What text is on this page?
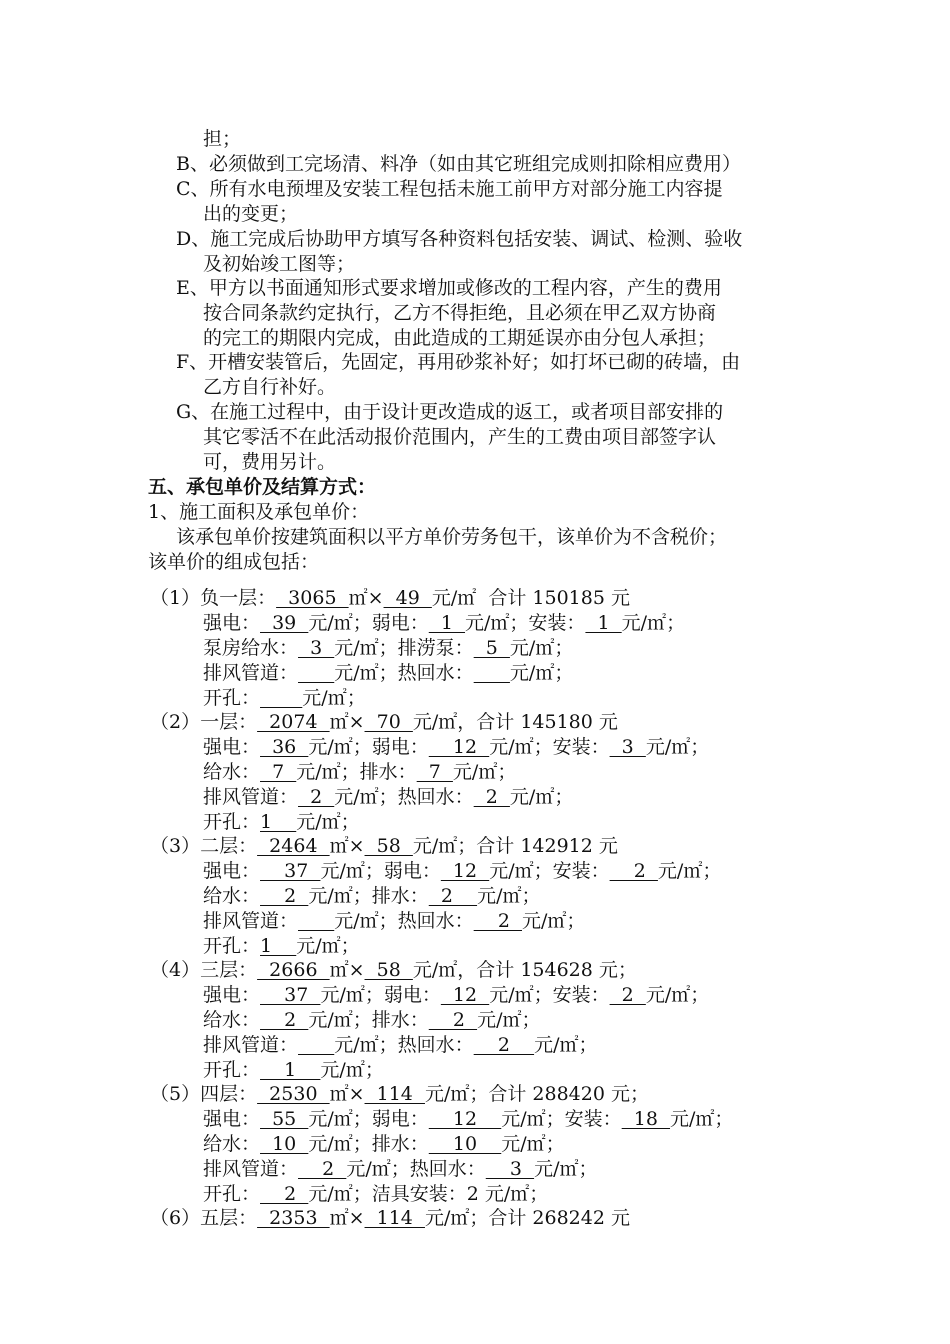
担；
B、必须做到工完场清、料净（如由其它班组完成则扣除相应费用）
C、所有水电预埋及安装工程包括未施工前甲方对部分施工内容提
出的变更；
D、施工完成后协助甲方填写各种资料包括安装、调试、检测、验收
及初始竣工图等；
E、甲方以书面通知形式要求增加或修改的工程内容，产生的费用
按合同条款约定执行，乙方不得拒绝，且必须在甲乙双方协商
的完工的期限内完成，由此造成的工期延误亦由分包人承担；
F、开槽安装管后，先固定，再用砂浆补好；如打坏已砌的砖墙，由
乙方自行补好。
G、在施工过程中，由于设计更改造成的返工，或者项目部安排的
其它零活不在此活动报价范围内，产生的工费由项目部签字认
可，费用另计。
五、承包单价及结算方式：
1、施工面积及承包单价：
该承包单价按建筑面积以平方单价劳务包干，该单价为不含税价；
该单价的组成包括：
（1）负一层：  3065  ㎡×  49  元/㎡  合计 150185 元
强电：  39  元/㎡；弱电：  1  元/㎡；安装：  1  元/㎡；
泵房给水：  3  元/㎡；排涝泵：  5  元/㎡；
排风管道： 元/㎡；热回水： 元/㎡；
开孔： 元/㎡；
（2）一层：  2074  ㎡×  70  元/㎡，合计 145180 元
强电：  36  元/㎡；弱电：    12  元/㎡；安装：  3  元/㎡；
给水：  7  元/㎡；排水：  7  元/㎡；
排风管道：  2  元/㎡；热回水：  2  元/㎡；
开孔：1    元/㎡；
（3）二层：  2464  ㎡×  58  元/㎡；合计 142912 元
强电：    37  元/㎡；弱电：  12  元/㎡；安装：    2  元/㎡；
给水：    2  元/㎡；排水：  2    元/㎡；
排风管道： 元/㎡；热回水：    2  元/㎡；
开孔：1    元/㎡；
（4）三层：  2666  ㎡×  58  元/㎡，合计 154628 元；
强电：    37  元/㎡；弱电：  12  元/㎡；安装：  2  元/㎡；
给水：    2  元/㎡；排水：    2  元/㎡；
排风管道： 元/㎡；热回水：    2    元/㎡；
开孔：    1    元/㎡；
（5）四层：  2530  ㎡×  114  元/㎡；合计 288420 元；
强电：  55  元/㎡；弱电：    12    元/㎡；安装：  18  元/㎡；
给水：  10  元/㎡；排水：    10    元/㎡；
排风管道：    2  元/㎡；热回水：    3  元/㎡；
开孔：    2  元/㎡；洁具安装：2 元/㎡；
（6）五层：  2353  ㎡×  114  元/㎡；合计 268242 元
